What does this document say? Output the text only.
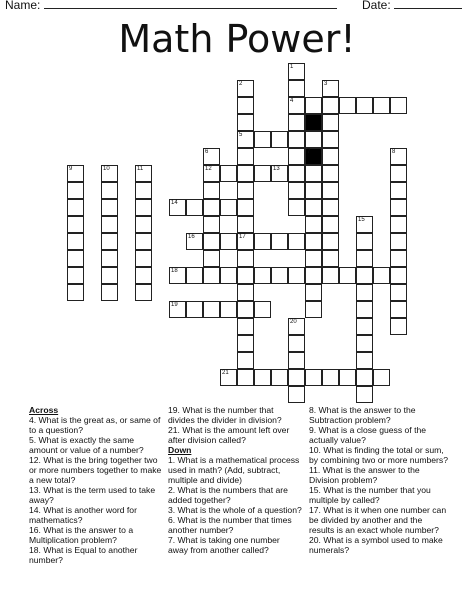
Name:	Date:
Math Power!
1
4
2
5
17
3
6
12
7	8
9	10	11
15
20
13
14
16
18
19
21

Across

4. What is the great as, or same of to a question?

5. What is exactly the same amount or value of a number?

12. What is the bring together two or more numbers together to make a new total?

13. What is the term used to take away?

14. What is another word for mathematics?

16. What is the answer to a Multiplication problem?

18. What is Equal to another number?

19. What is the number that divides the divider in division?

21. What is the amount left over after division called?

Down

1. What is a mathematical process used in math? (Add, subtract, multiple and divide)

2. What is the numbers that are added together?

3. What is the whole of a question?

6. What is the number that times another number?

7. What is taking one number away from another called?

8. What is the answer to the Subtraction problem?

9. What is a close guess of the actually value?

10. What is finding the total or sum, by combining two or more numbers?

11. What is the answer to the Division problem?

15. What is the number that you multiple by called?

17. What is it when one number can be divided by another and the results is an exact whole number?

20. What is a symbol used to make numerals?
